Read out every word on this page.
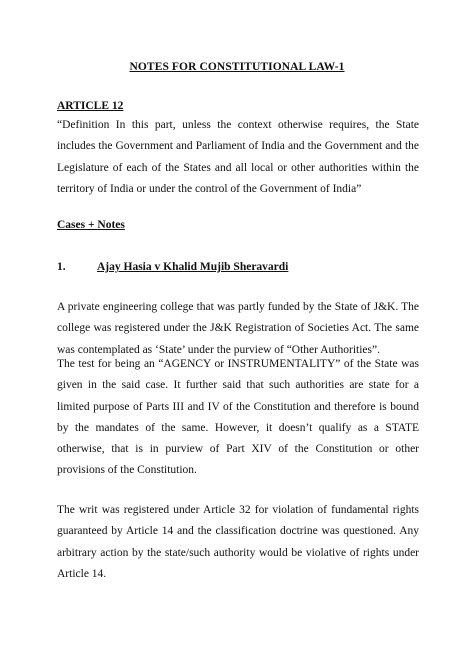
NOTES FOR CONSTITUTIONAL LAW-1
ARTICLE 12
“Definition In this part, unless the context otherwise requires, the State includes the Government and Parliament of India and the Government and the Legislature of each of the States and all local or other authorities within the territory of India or under the control of the Government of India”
Cases + Notes
1.	Ajay Hasia v Khalid Mujib Sheravardi
A private engineering college that was partly funded by the State of J&K. The college was registered under the J&K Registration of Societies Act. The same was contemplated as ‘State’ under the purview of “Other Authorities”.
The test for being an “AGENCY or INSTRUMENTALITY” of the State was given in the said case. It further said that such authorities are state for a limited purpose of Parts III and IV of the Constitution and therefore is bound by the mandates of the same. However, it doesn’t qualify as a STATE otherwise, that is in purview of Part XIV of the Constitution or other provisions of the Constitution.
The writ was registered under Article 32 for violation of fundamental rights guaranteed by Article 14 and the classification doctrine was questioned. Any arbitrary action by the state/such authority would be violative of rights under Article 14.
